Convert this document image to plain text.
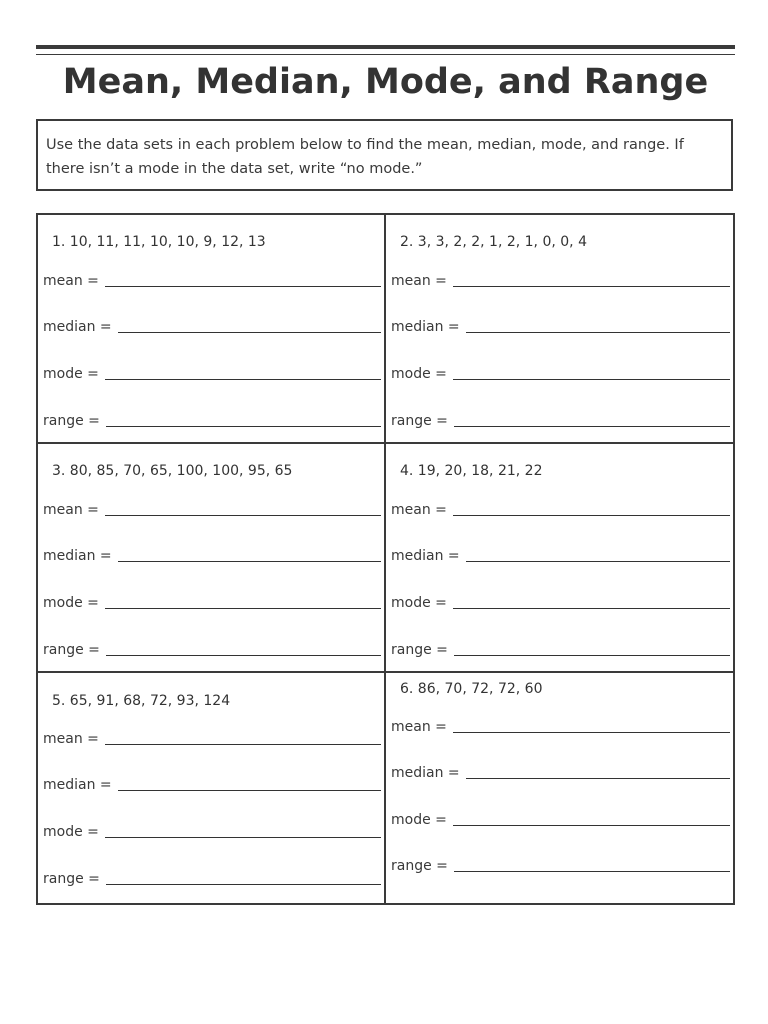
Mean, Median, Mode, and Range

Use the data sets in each problem below to find the mean, median, mode, and range. If there isn’t a mode in the data set, write “no mode.”

1. 10, 11, 11, 10, 10, 9, 12, 13
mean =
median =
mode =
range =
2. 3, 3, 2, 2, 1, 2, 1, 0, 0, 4
mean =
median =
mode =
range =
3. 80, 85, 70, 65, 100, 100, 95, 65
mean =
median =
mode =
range =
4. 19, 20, 18, 21, 22
mean =
median =
mode =
range =
5. 65, 91, 68, 72, 93, 124
mean =
median =
mode =
range =
6. 86, 70, 72, 72, 60
mean =
median =
mode =
range =
